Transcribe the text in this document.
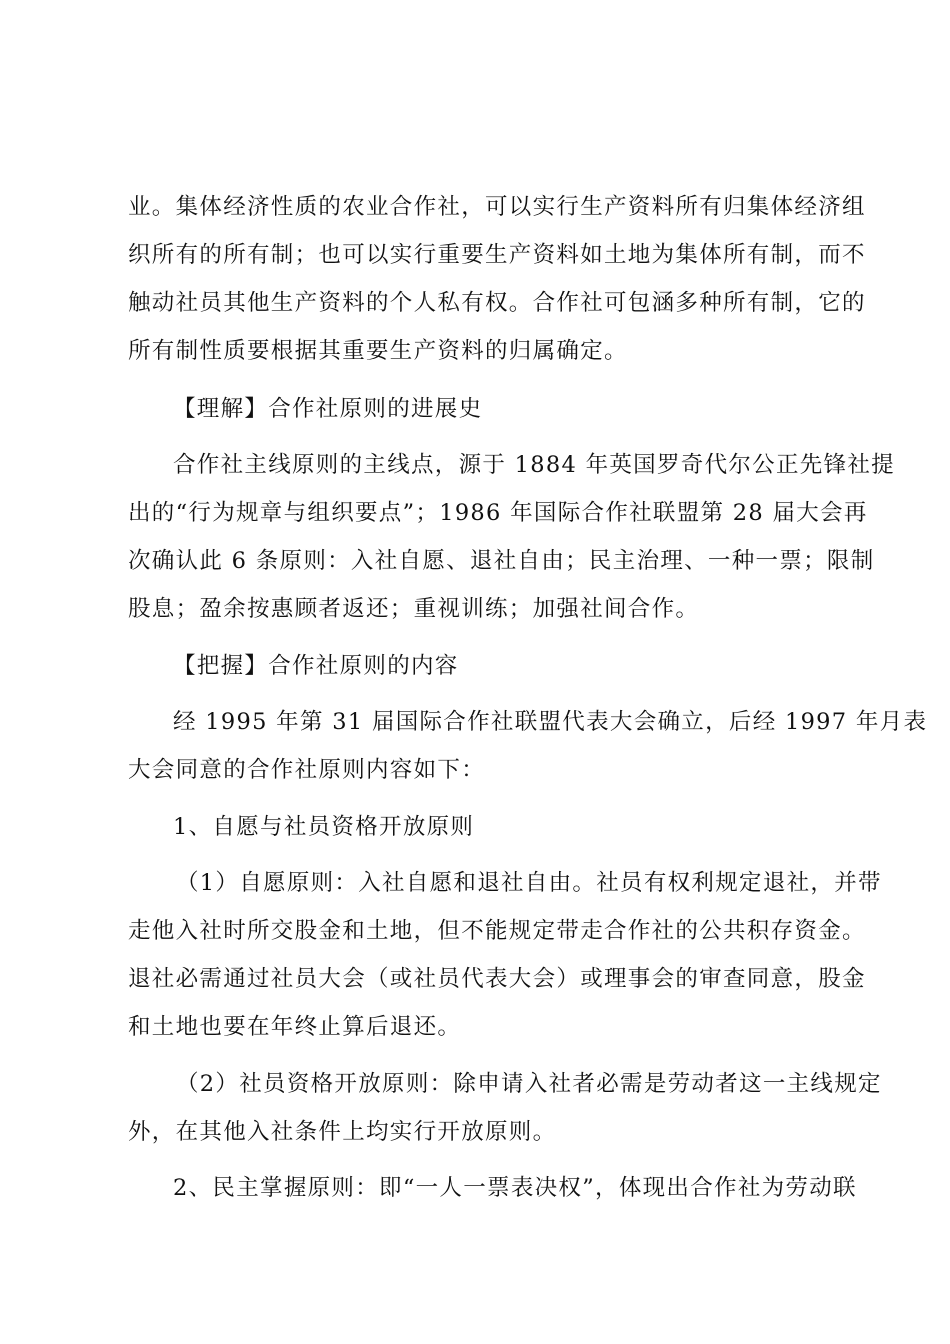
业。集体经济性质的农业合作社，可以实行生产资料所有归集体经济组
织所有的所有制；也可以实行重要生产资料如土地为集体所有制，而不
触动社员其他生产资料的个人私有权。合作社可包涵多种所有制，它的
所有制性质要根据其重要生产资料的归属确定。
【理解】合作社原则的进展史
合作社主线原则的主线点，源于 1884 年英国罗奇代尔公正先锋社提
出的“行为规章与组织要点”；1986 年国际合作社联盟第 28 届大会再
次确认此 6 条原则：入社自愿、退社自由；民主治理、一种一票；限制
股息；盈余按惠顾者返还；重视训练；加强社间合作。
【把握】合作社原则的内容
经 1995 年第 31 届国际合作社联盟代表大会确立，后经 1997 年月表
大会同意的合作社原则内容如下：
1、自愿与社员资格开放原则
（1）自愿原则：入社自愿和退社自由。社员有权利规定退社，并带
走他入社时所交股金和土地，但不能规定带走合作社的公共积存资金。
退社必需通过社员大会（或社员代表大会）或理事会的审查同意，股金
和土地也要在年终止算后退还。
（2）社员资格开放原则：除申请入社者必需是劳动者这一主线规定
外，在其他入社条件上均实行开放原则。
2、民主掌握原则：即“一人一票表决权”，体现出合作社为劳动联
